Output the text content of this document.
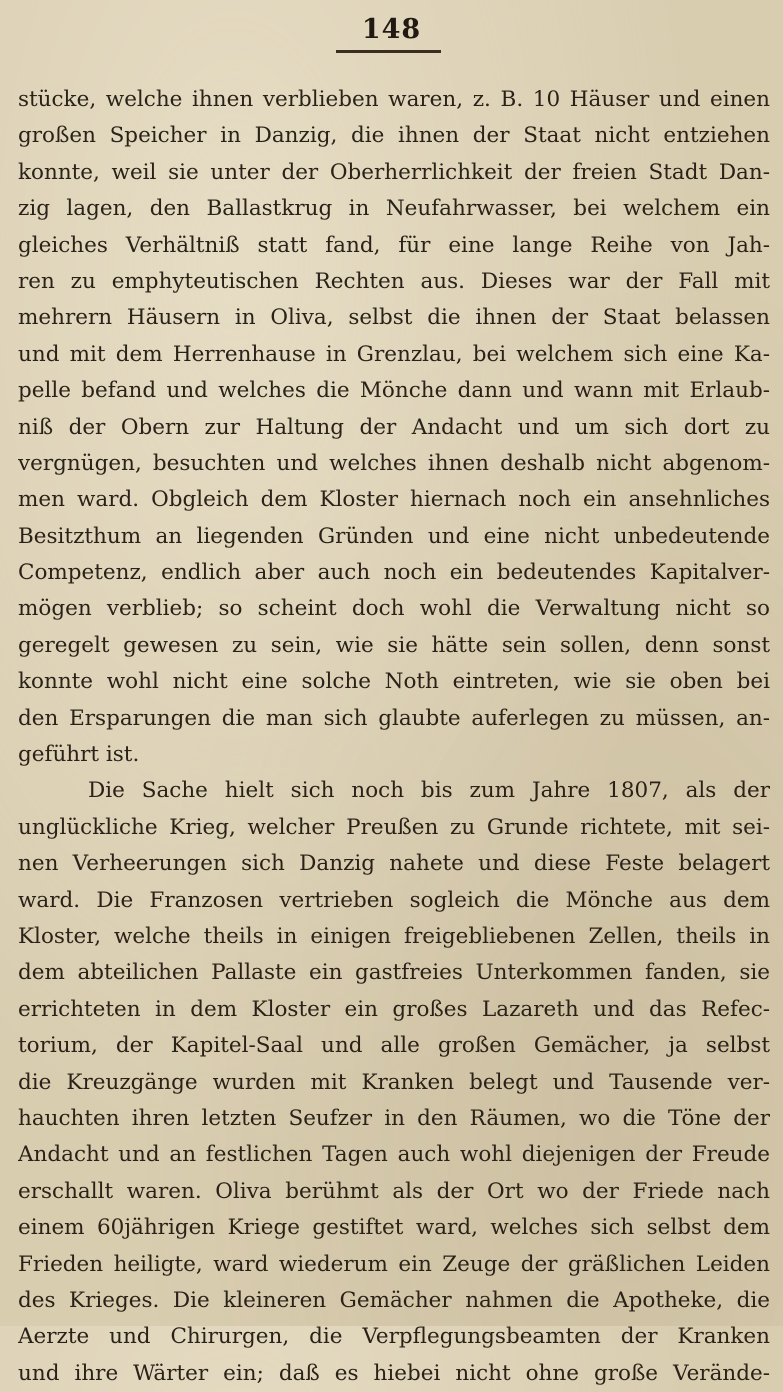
148
stücke, welche ihnen verblieben waren, z. B. 10 Häuser und einen
großen Speicher in Danzig, die ihnen der Staat nicht entziehen
konnte, weil sie unter der Oberherrlichkeit der freien Stadt Dan-
zig lagen, den Ballastkrug in Neufahrwasser, bei welchem ein
gleiches Verhältniß statt fand, für eine lange Reihe von Jah-
ren zu emphyteutischen Rechten aus. Dieses war der Fall mit
mehrern Häusern in Oliva, selbst die ihnen der Staat belassen
und mit dem Herrenhause in Grenzlau, bei welchem sich eine Ka-
pelle befand und welches die Mönche dann und wann mit Erlaub-
niß der Obern zur Haltung der Andacht und um sich dort zu
vergnügen, besuchten und welches ihnen deshalb nicht abgenom-
men ward. Obgleich dem Kloster hiernach noch ein ansehnliches
Besitzthum an liegenden Gründen und eine nicht unbedeutende
Competenz, endlich aber auch noch ein bedeutendes Kapitalver-
mögen verblieb; so scheint doch wohl die Verwaltung nicht so
geregelt gewesen zu sein, wie sie hätte sein sollen, denn sonst
konnte wohl nicht eine solche Noth eintreten, wie sie oben bei
den Ersparungen die man sich glaubte auferlegen zu müssen, an-
geführt ist.
Die Sache hielt sich noch bis zum Jahre 1807, als der
unglückliche Krieg, welcher Preußen zu Grunde richtete, mit sei-
nen Verheerungen sich Danzig nahete und diese Feste belagert
ward. Die Franzosen vertrieben sogleich die Mönche aus dem
Kloster, welche theils in einigen freigebliebenen Zellen, theils in
dem abteilichen Pallaste ein gastfreies Unterkommen fanden, sie
errichteten in dem Kloster ein großes Lazareth und das Refec-
torium, der Kapitel-Saal und alle großen Gemächer, ja selbst
die Kreuzgänge wurden mit Kranken belegt und Tausende ver-
hauchten ihren letzten Seufzer in den Räumen, wo die Töne der
Andacht und an festlichen Tagen auch wohl diejenigen der Freude
erschallt waren. Oliva berühmt als der Ort wo der Friede nach
einem 60jährigen Kriege gestiftet ward, welches sich selbst dem
Frieden heiligte, ward wiederum ein Zeuge der gräßlichen Leiden
des Krieges. Die kleineren Gemächer nahmen die Apotheke, die
Aerzte und Chirurgen, die Verpflegungsbeamten der Kranken
und ihre Wärter ein; daß es hiebei nicht ohne große Verände-
